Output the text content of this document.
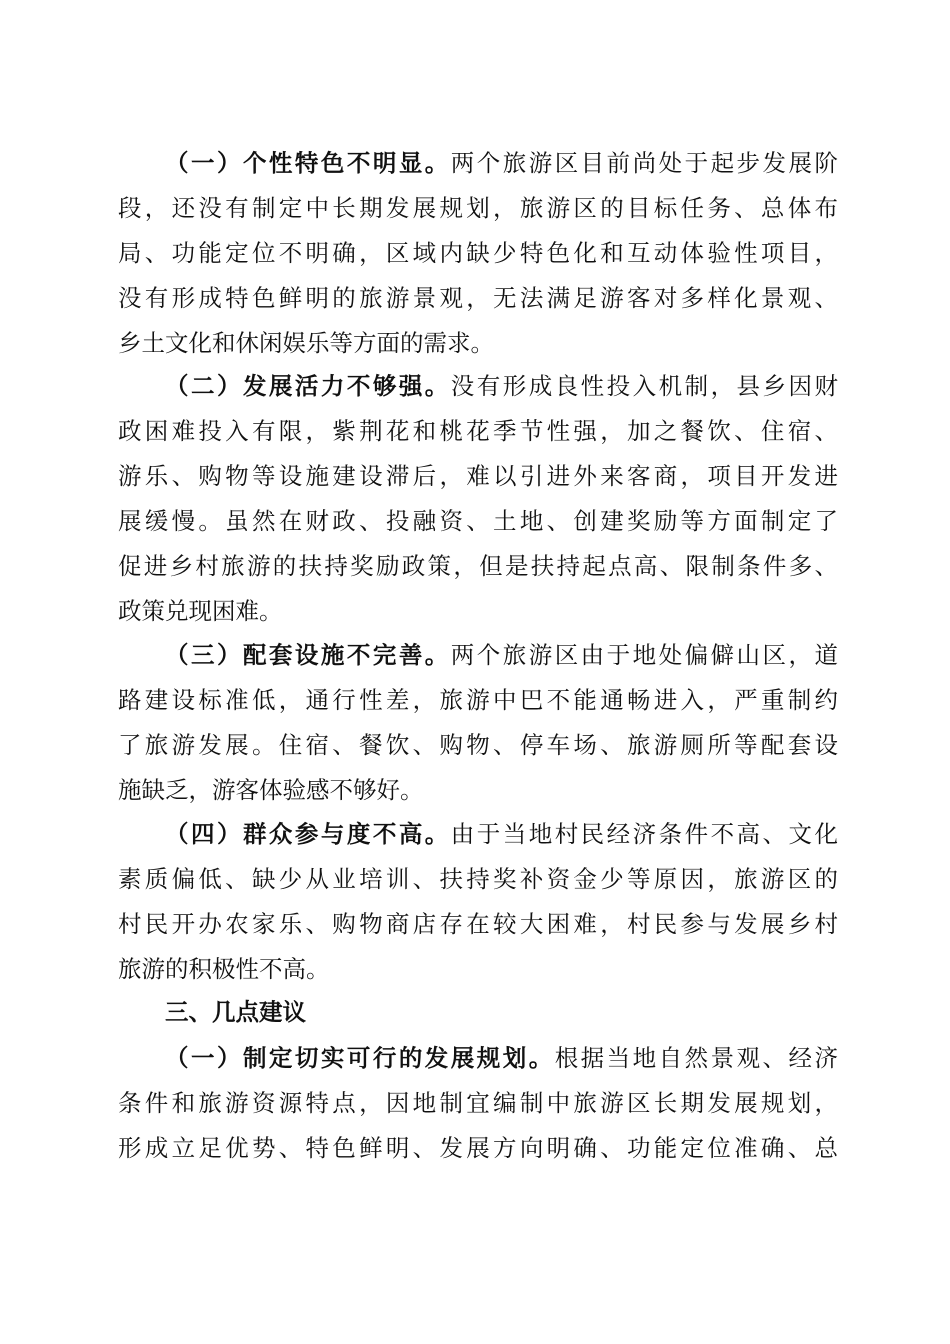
（一）个性特色不明显。两个旅游区目前尚处于起步发展阶
段，还没有制定中长期发展规划，旅游区的目标任务、总体布
局、功能定位不明确，区域内缺少特色化和互动体验性项目，
没有形成特色鲜明的旅游景观，无法满足游客对多样化景观、
乡土文化和休闲娱乐等方面的需求。
（二）发展活力不够强。没有形成良性投入机制，县乡因财
政困难投入有限，紫荆花和桃花季节性强，加之餐饮、住宿、
游乐、购物等设施建设滞后，难以引进外来客商，项目开发进
展缓慢。虽然在财政、投融资、土地、创建奖励等方面制定了
促进乡村旅游的扶持奖励政策，但是扶持起点高、限制条件多、
政策兑现困难。
（三）配套设施不完善。两个旅游区由于地处偏僻山区，道
路建设标准低，通行性差，旅游中巴不能通畅进入，严重制约
了旅游发展。住宿、餐饮、购物、停车场、旅游厕所等配套设
施缺乏，游客体验感不够好。
（四）群众参与度不高。由于当地村民经济条件不高、文化
素质偏低、缺少从业培训、扶持奖补资金少等原因，旅游区的
村民开办农家乐、购物商店存在较大困难，村民参与发展乡村
旅游的积极性不高。
三、几点建议
（一）制定切实可行的发展规划。根据当地自然景观、经济
条件和旅游资源特点，因地制宜编制中旅游区长期发展规划，
形成立足优势、特色鲜明、发展方向明确、功能定位准确、总
